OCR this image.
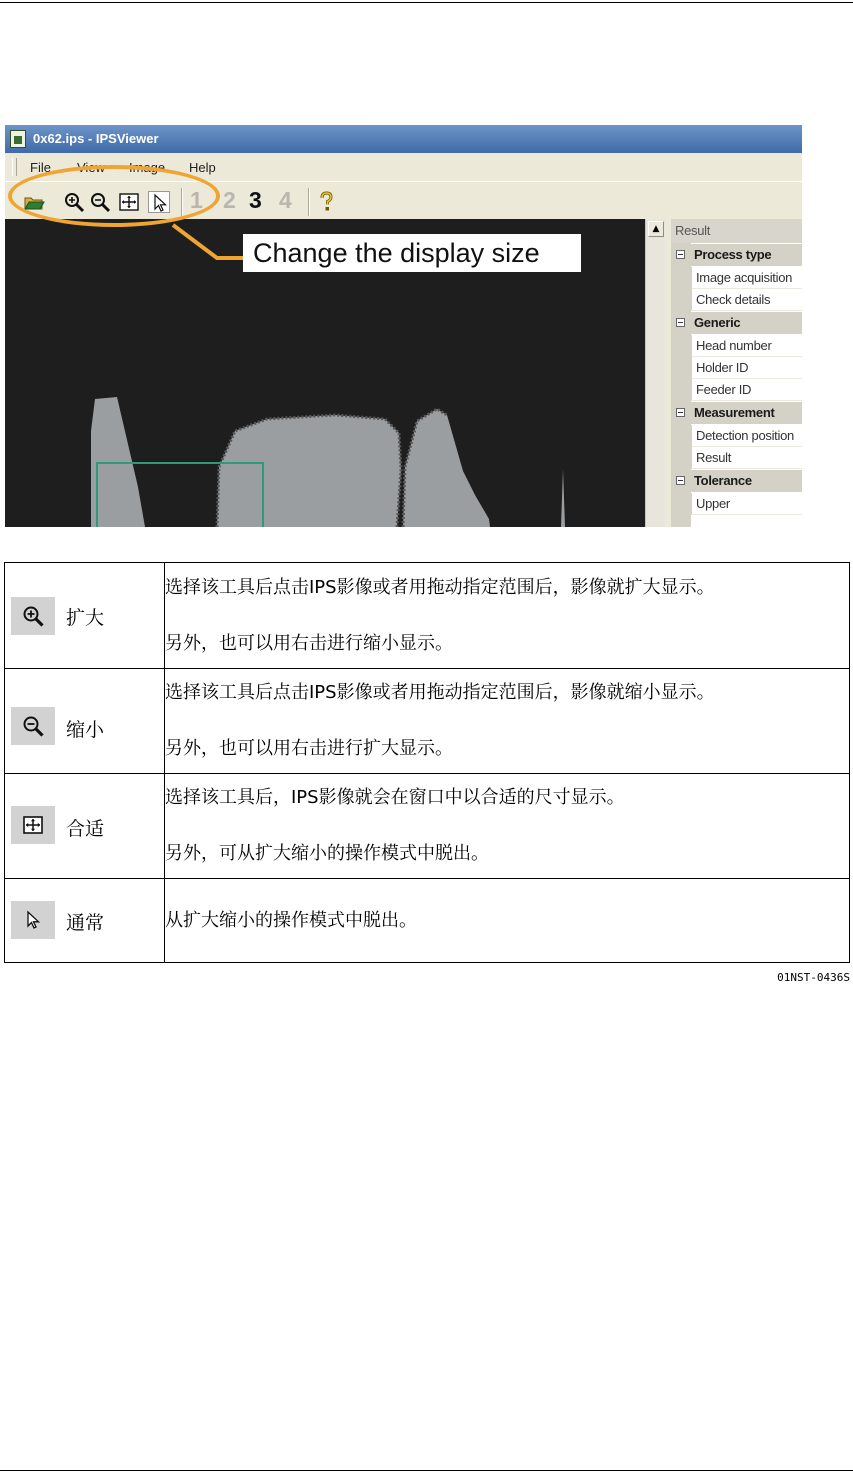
0x62.ips - IPSViewer
File View Image Help
1 2 3 4
▲	Result
Process type
Image acquisition
Check details
Generic
Head number
Holder ID
Feeder ID
Measurement
Detection position
Result
Tolerance
Upper
Change the display size
扩大	选择该工具后点击IPS影像或者用拖动指定范围后，影像就扩大显示。

另外，也可以用右击进行缩小显示。

缩小	选择该工具后点击IPS影像或者用拖动指定范围后，影像就缩小显示。

另外，也可以用右击进行扩大显示。

合适	选择该工具后，IPS影像就会在窗口中以合适的尺寸显示。

另外，可从扩大缩小的操作模式中脱出。

通常	从扩大缩小的操作模式中脱出。

01NST-0436S
